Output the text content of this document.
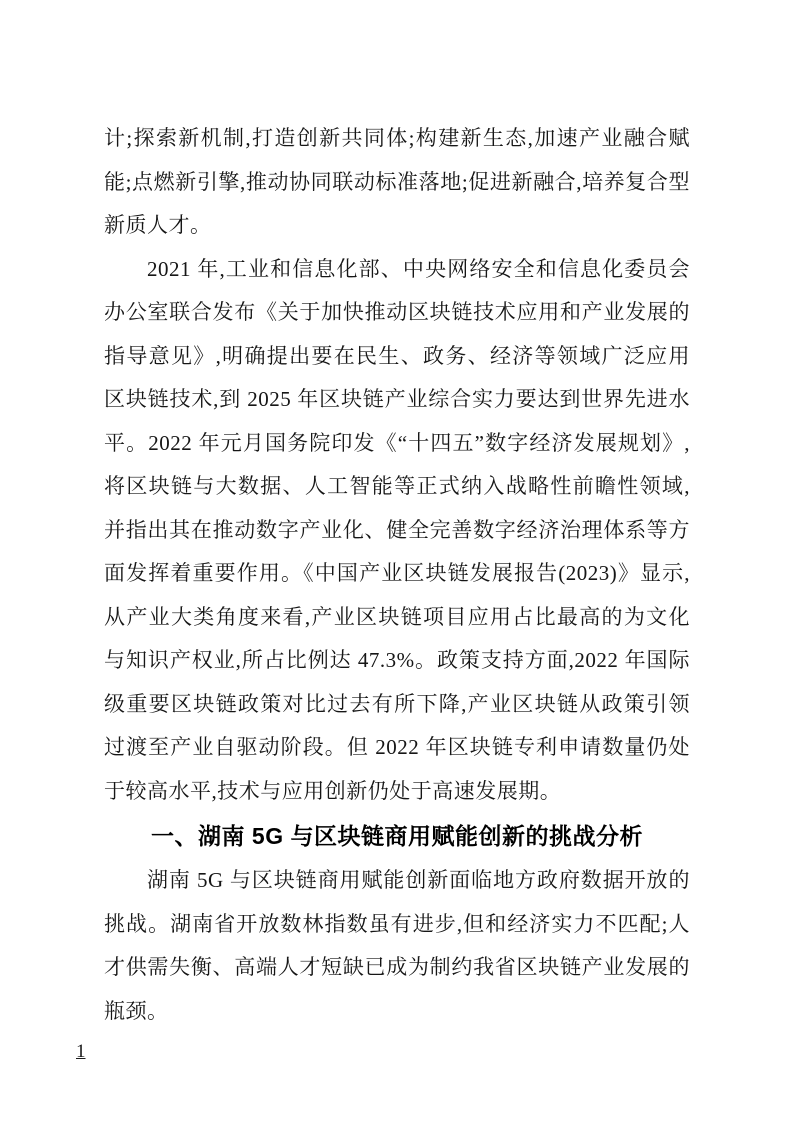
计;探索新机制,打造创新共同体;构建新生态,加速产业融合赋能;点燃新引擎,推动协同联动标准落地;促进新融合,培养复合型新质人才。

2021 年,工业和信息化部、中央网络安全和信息化委员会办公室联合发布《关于加快推动区块链技术应用和产业发展的指导意见》,明确提出要在民生、政务、经济等领域广泛应用区块链技术,到 2025 年区块链产业综合实力要达到世界先进水平。2022 年元月国务院印发《“十四五”数字经济发展规划》,将区块链与大数据、人工智能等正式纳入战略性前瞻性领域,并指出其在推动数字产业化、健全完善数字经济治理体系等方面发挥着重要作用。《中国产业区块链发展报告(2023)》显示,从产业大类角度来看,产业区块链项目应用占比最高的为文化与知识产权业,所占比例达 47.3%。政策支持方面,2022 年国际级重要区块链政策对比过去有所下降,产业区块链从政策引领过渡至产业自驱动阶段。但 2022 年区块链专利申请数量仍处于较高水平,技术与应用创新仍处于高速发展期。

一、湖南 5G 与区块链商用赋能创新的挑战分析

湖南 5G 与区块链商用赋能创新面临地方政府数据开放的挑战。湖南省开放数林指数虽有进步,但和经济实力不匹配;人才供需失衡、高端人才短缺已成为制约我省区块链产业发展的瓶颈。

1
